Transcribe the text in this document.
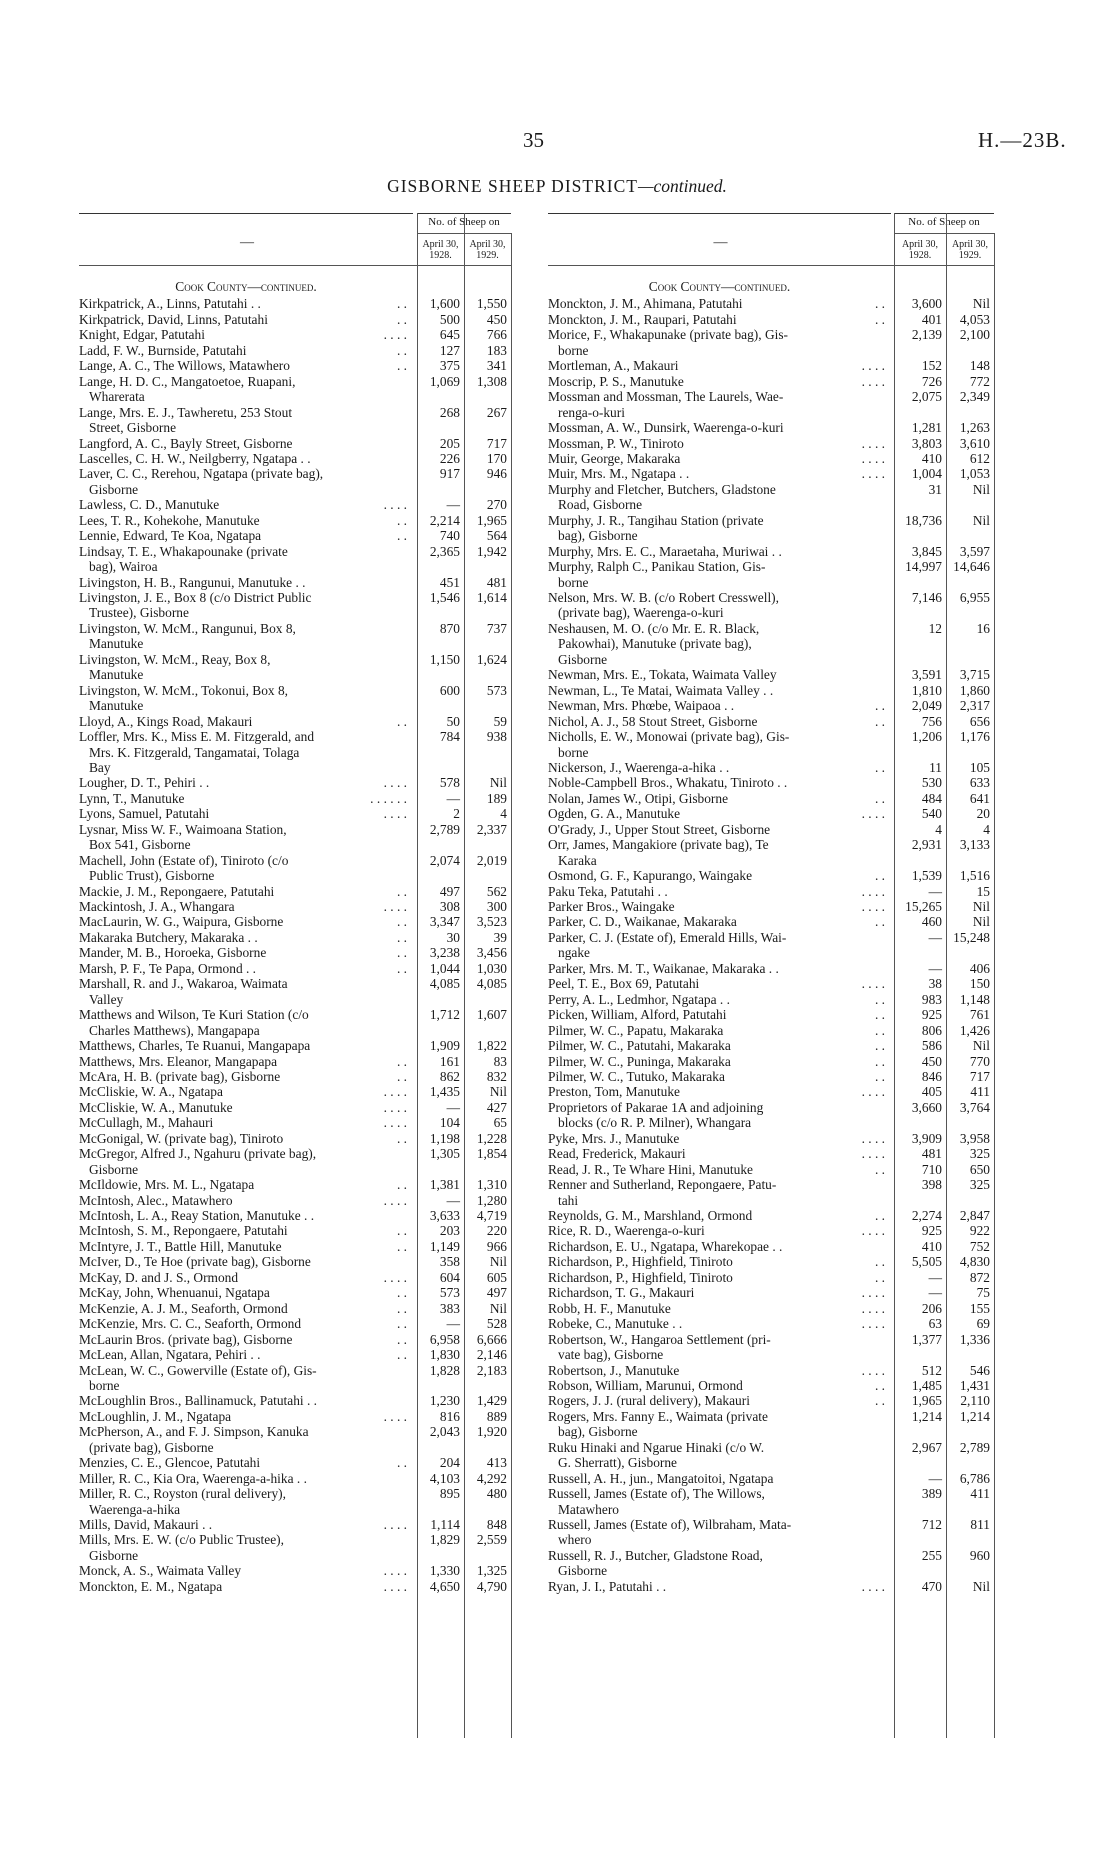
35	H.—23B.
GISBORNE SHEEP DISTRICT—continued.
—
No. of Sheep on
April 30,
1928.
April 30,
1929.
Cook County—continued.
Kirkpatrick, A., Linns, Patutahi . .	. . 1,600 1,550
Kirkpatrick, David, Linns, Patutahi	. . 500 450
Knight, Edgar, Patutahi	. . . . 645 766
Ladd, F. W., Burnside, Patutahi	. . 127 183
Lange, A. C., The Willows, Matawhero	. . 375 341
Lange, H. D. C., Mangatoetoe, Ruapani,	1,069 1,308
Wharerata
Lange, Mrs. E. J., Tawheretu, 253 Stout	268 267
Street, Gisborne
Langford, A. C., Bayly Street, Gisborne	205 717
Lascelles, C. H. W., Neilgberry, Ngatapa . .	226 170
Laver, C. C., Rerehou, Ngatapa (private bag),	917 946
Gisborne
Lawless, C. D., Manutuke	. . . .	— 270
Lees, T. R., Kohekohe, Manutuke	. . 2,214 1,965
Lennie, Edward, Te Koa, Ngatapa	. . 740 564
Lindsay, T. E., Whakapounake (private	2,365 1,942
bag), Wairoa
Livingston, H. B., Rangunui, Manutuke . .	451 481
Livingston, J. E., Box 8 (c/o District Public	1,546 1,614
Trustee), Gisborne
Livingston, W. McM., Rangunui, Box 8,	870 737
Manutuke
Livingston, W. McM., Reay, Box 8,	1,150 1,624
Manutuke
Livingston, W. McM., Tokonui, Box 8,	600 573
Manutuke
Lloyd, A., Kings Road, Makauri	. .	50	59
Loffler, Mrs. K., Miss E. M. Fitzgerald, and	784 938
Mrs. K. Fitzgerald, Tangamatai, Tolaga
Bay
Lougher, D. T., Pehiri . .	. . . . 578 Nil
Lynn, T., Manutuke	. . . . . .	— 189
Lyons, Samuel, Patutahi	. . . .	2	4
Lysnar, Miss W. F., Waimoana Station,	2,789 2,337
Box 541, Gisborne
Machell, John (Estate of), Tiniroto (c/o	2,074 2,019
Public Trust), Gisborne
Mackie, J. M., Repongaere, Patutahi	. . 497 562
Mackintosh, J. A., Whangara	. . . . 308 300
MacLaurin, W. G., Waipura, Gisborne	. . 3,347 3,523
Makaraka Butchery, Makaraka . .	. .	30	39
Mander, M. B., Horoeka, Gisborne	. . 3,238 3,456
Marsh, P. F., Te Papa, Ormond . .	. . 1,044 1,030
Marshall, R. and J., Wakaroa, Waimata	4,085 4,085
Valley
Matthews and Wilson, Te Kuri Station (c/o	1,712 1,607
Charles Matthews), Mangapapa
Matthews, Charles, Te Ruanui, Mangapapa	1,909 1,822
Matthews, Mrs. Eleanor, Mangapapa	. . 161	83
McAra, H. B. (private bag), Gisborne	. . 862 832
McCliskie, W. A., Ngatapa	. . . . 1,435 Nil
McCliskie, W. A., Manutuke	. . . .	— 427
McCullagh, M., Mahauri	. . . . 104	65
McGonigal, W. (private bag), Tiniroto	. . 1,198 1,228
McGregor, Alfred J., Ngahuru (private bag),	1,305 1,854
Gisborne
McIldowie, Mrs. M. L., Ngatapa	. . 1,381 1,310
McIntosh, Alec., Matawhero	. . . .	— 1,280
McIntosh, L. A., Reay Station, Manutuke . .	3,633 4,719
McIntosh, S. M., Repongaere, Patutahi	. . 203 220
McIntyre, J. T., Battle Hill, Manutuke	. . 1,149 966
McIver, D., Te Hoe (private bag), Gisborne	358 Nil
McKay, D. and J. S., Ormond	. . . . 604 605
McKay, John, Whenuanui, Ngatapa	. . 573 497
McKenzie, A. J. M., Seaforth, Ormond	. . 383 Nil
McKenzie, Mrs. C. C., Seaforth, Ormond	. .	— 528
McLaurin Bros. (private bag), Gisborne	. . 6,958 6,666
McLean, Allan, Ngatara, Pehiri . .	. . 1,830 2,146
McLean, W. C., Gowerville (Estate of), Gis-	1,828 2,183
borne
McLoughlin Bros., Ballinamuck, Patutahi . .	1,230 1,429
McLoughlin, J. M., Ngatapa	. . . . 816 889
McPherson, A., and F. J. Simpson, Kanuka	2,043 1,920
(private bag), Gisborne
Menzies, C. E., Glencoe, Patutahi	. . 204 413
Miller, R. C., Kia Ora, Waerenga-a-hika . .	4,103 4,292
Miller, R. C., Royston (rural delivery),	895 480
Waerenga-a-hika
Mills, David, Makauri . .	. . . . 1,114 848
Mills, Mrs. E. W. (c/o Public Trustee),	1,829 2,559
Gisborne
Monck, A. S., Waimata Valley	. . . . 1,330 1,325
Monckton, E. M., Ngatapa	. . . . 4,650 4,790
—
No. of Sheep on
April 30,
1928.
April 30,
1929.
Cook County—continued.
Monckton, J. M., Ahimana, Patutahi	. . 3,600 Nil
Monckton, J. M., Raupari, Patutahi	. .	401 4,053
Morice, F., Whakapunake (private bag), Gis-	2,139 2,100
borne
Mortleman, A., Makauri	. . . .	152 148
Moscrip, P. S., Manutuke	. . . .	726 772
Mossman and Mossman, The Laurels, Wae-	2,075 2,349
renga-o-kuri
Mossman, A. W., Dunsirk, Waerenga-o-kuri	1,281 1,263
Mossman, P. W., Tiniroto	. . . . 3,803 3,610
Muir, George, Makaraka	. . . .	410 612
Muir, Mrs. M., Ngatapa . .	. . . . 1,004 1,053
Murphy and Fletcher, Butchers, Gladstone	31 Nil
Road, Gisborne
Murphy, J. R., Tangihau Station (private	18,736 Nil
bag), Gisborne
Murphy, Mrs. E. C., Maraetaha, Muriwai . .	3,845 3,597
Murphy, Ralph C., Panikau Station, Gis-	14,997 14,646
borne
Nelson, Mrs. W. B. (c/o Robert Cresswell),	7,146 6,955
(private bag), Waerenga-o-kuri
Neshausen, M. O. (c/o Mr. E. R. Black,	12	16
Pakowhai), Manutuke (private bag),
Gisborne
Newman, Mrs. E., Tokata, Waimata Valley	3,591 3,715
Newman, L., Te Matai, Waimata Valley . .	1,810 1,860
Newman, Mrs. Phœbe, Waipaoa . .	. . 2,049 2,317
Nichol, A. J., 58 Stout Street, Gisborne	. .	756 656
Nicholls, E. W., Monowai (private bag), Gis-	1,206 1,176
borne
Nickerson, J., Waerenga-a-hika . .	. .	11 105
Noble-Campbell Bros., Whakatu, Tiniroto . .	530 633
Nolan, James W., Otipi, Gisborne	. .	484 641
Ogden, G. A., Manutuke	. . . .	540	20
O'Grady, J., Upper Stout Street, Gisborne	4	4
Orr, James, Mangakiore (private bag), Te	2,931 3,133
Karaka
Osmond, G. F., Kapurango, Waingake	. . 1,539 1,516
Paku Teka, Patutahi . .	. . . .	—	15
Parker Bros., Waingake	. . . . 15,265 Nil
Parker, C. D., Waikanae, Makaraka	. .	460 Nil
Parker, C. J. (Estate of), Emerald Hills, Wai-	— 15,248
ngake
Parker, Mrs. M. T., Waikanae, Makaraka . .	— 406
Peel, T. E., Box 69, Patutahi	. . . .	38 150
Perry, A. L., Ledmhor, Ngatapa . .	. .	983 1,148
Picken, William, Alford, Patutahi	. .	925 761
Pilmer, W. C., Papatu, Makaraka	. .	806 1,426
Pilmer, W. C., Patutahi, Makaraka	. .	586 Nil
Pilmer, W. C., Puninga, Makaraka	. .	450 770
Pilmer, W. C., Tutuko, Makaraka	. .	846 717
Preston, Tom, Manutuke	. . . .	405 411
Proprietors of Pakarae 1A and adjoining	3,660 3,764
blocks (c/o R. P. Milner), Whangara
Pyke, Mrs. J., Manutuke	. . . . 3,909 3,958
Read, Frederick, Makauri	. . . .	481 325
Read, J. R., Te Whare Hini, Manutuke	. .	710 650
Renner and Sutherland, Repongaere, Patu-	398 325
tahi
Reynolds, G. M., Marshland, Ormond	. . 2,274 2,847
Rice, R. D., Waerenga-o-kuri	. . . .	925 922
Richardson, E. U., Ngatapa, Wharekopae . .	410 752
Richardson, P., Highfield, Tiniroto	. . 5,505 4,830
Richardson, P., Highfield, Tiniroto	. .	— 872
Richardson, T. G., Makauri	. . . .	—	75
Robb, H. F., Manutuke	. . . .	206 155
Robeke, C., Manutuke . .	. . . .	63	69
Robertson, W., Hangaroa Settlement (pri-	1,377 1,336
vate bag), Gisborne
Robertson, J., Manutuke	. . . .	512 546
Robson, William, Marunui, Ormond	. . 1,485 1,431
Rogers, J. J. (rural delivery), Makauri	. . 1,965 2,110
Rogers, Mrs. Fanny E., Waimata (private	1,214 1,214
bag), Gisborne
Ruku Hinaki and Ngarue Hinaki (c/o W.	2,967 2,789
G. Sherratt), Gisborne
Russell, A. H., jun., Mangatoitoi, Ngatapa	— 6,786
Russell, James (Estate of), The Willows,	389 411
Matawhero
Russell, James (Estate of), Wilbraham, Mata-	712 811
whero
Russell, R. J., Butcher, Gladstone Road,	255 960
Gisborne
Ryan, J. I., Patutahi . .	. . . .	470 Nil
